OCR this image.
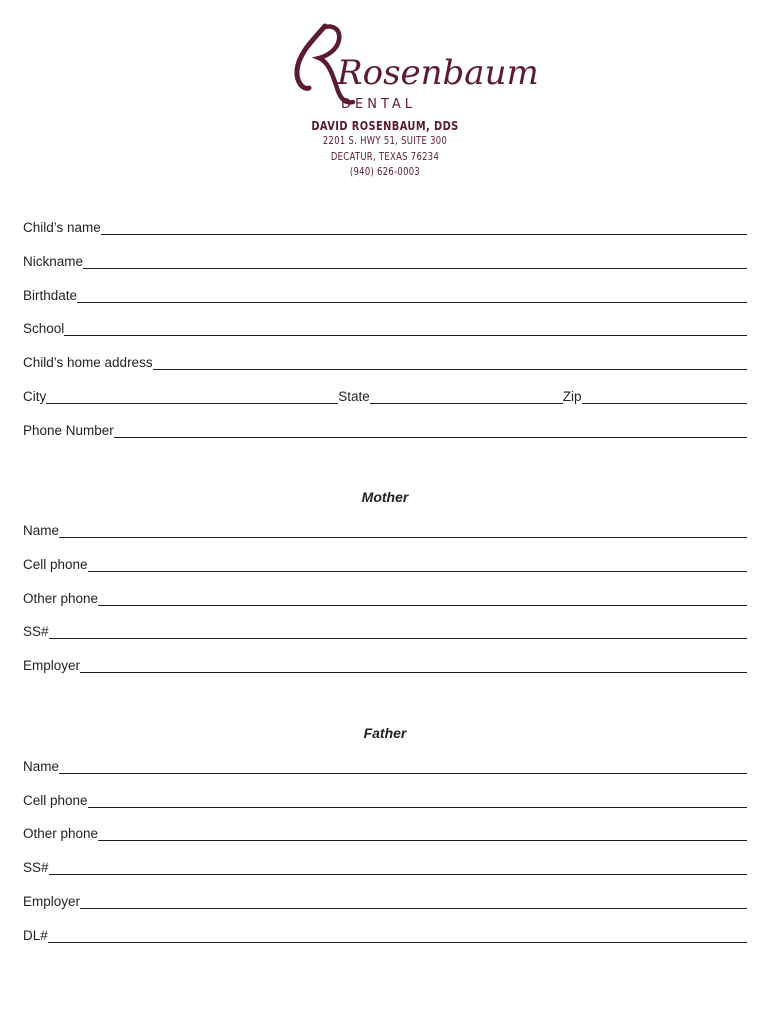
Rosenbaum
DENTAL
DAVID ROSENBAUM, DDS
2201 S. HWY 51, SUITE 300
DECATUR, TEXAS 76234
(940) 626-0003
Child’s name
Nickname
Birthdate
School
Child’s home address
City	State	Zip
Phone Number
Mother
Name
Cell phone
Other phone
SS#
Employer
Father
Name
Cell phone
Other phone
SS#
Employer
DL#
